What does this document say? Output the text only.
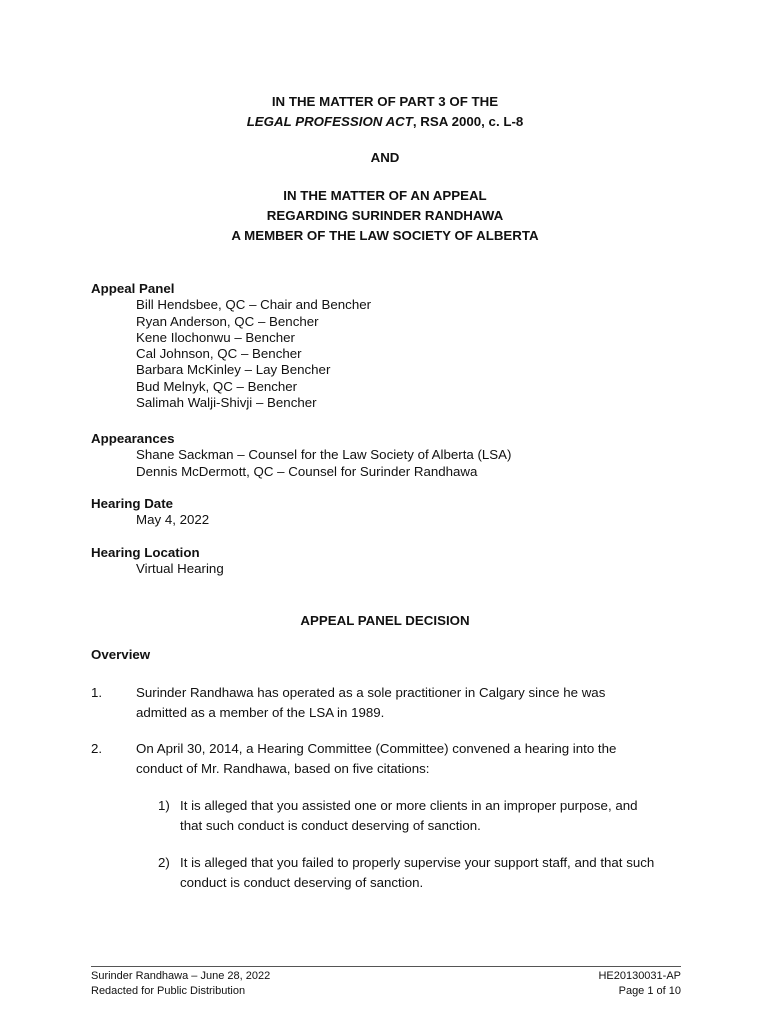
IN THE MATTER OF PART 3 OF THE
LEGAL PROFESSION ACT, RSA 2000, c. L-8
AND
IN THE MATTER OF AN APPEAL
REGARDING SURINDER RANDHAWA
A MEMBER OF THE LAW SOCIETY OF ALBERTA
Appeal Panel
Bill Hendsbee, QC – Chair and Bencher
Ryan Anderson, QC – Bencher
Kene Ilochonwu – Bencher
Cal Johnson, QC – Bencher
Barbara McKinley – Lay Bencher
Bud Melnyk, QC – Bencher
Salimah Walji-Shivji – Bencher
Appearances
Shane Sackman – Counsel for the Law Society of Alberta (LSA)
Dennis McDermott, QC – Counsel for Surinder Randhawa
Hearing Date
May 4, 2022
Hearing Location
Virtual Hearing
APPEAL PANEL DECISION
Overview
1.	Surinder Randhawa has operated as a sole practitioner in Calgary since he was
admitted as a member of the LSA in 1989.
2.	On April 30, 2014, a Hearing Committee (Committee) convened a hearing into the
conduct of Mr. Randhawa, based on five citations:
1) It is alleged that you assisted one or more clients in an improper purpose, and
that such conduct is conduct deserving of sanction.
2) It is alleged that you failed to properly supervise your support staff, and that such
conduct is conduct deserving of sanction.
Surinder Randhawa – June 28, 2022
Redacted for Public Distribution
HE20130031-AP
Page 1 of 10
